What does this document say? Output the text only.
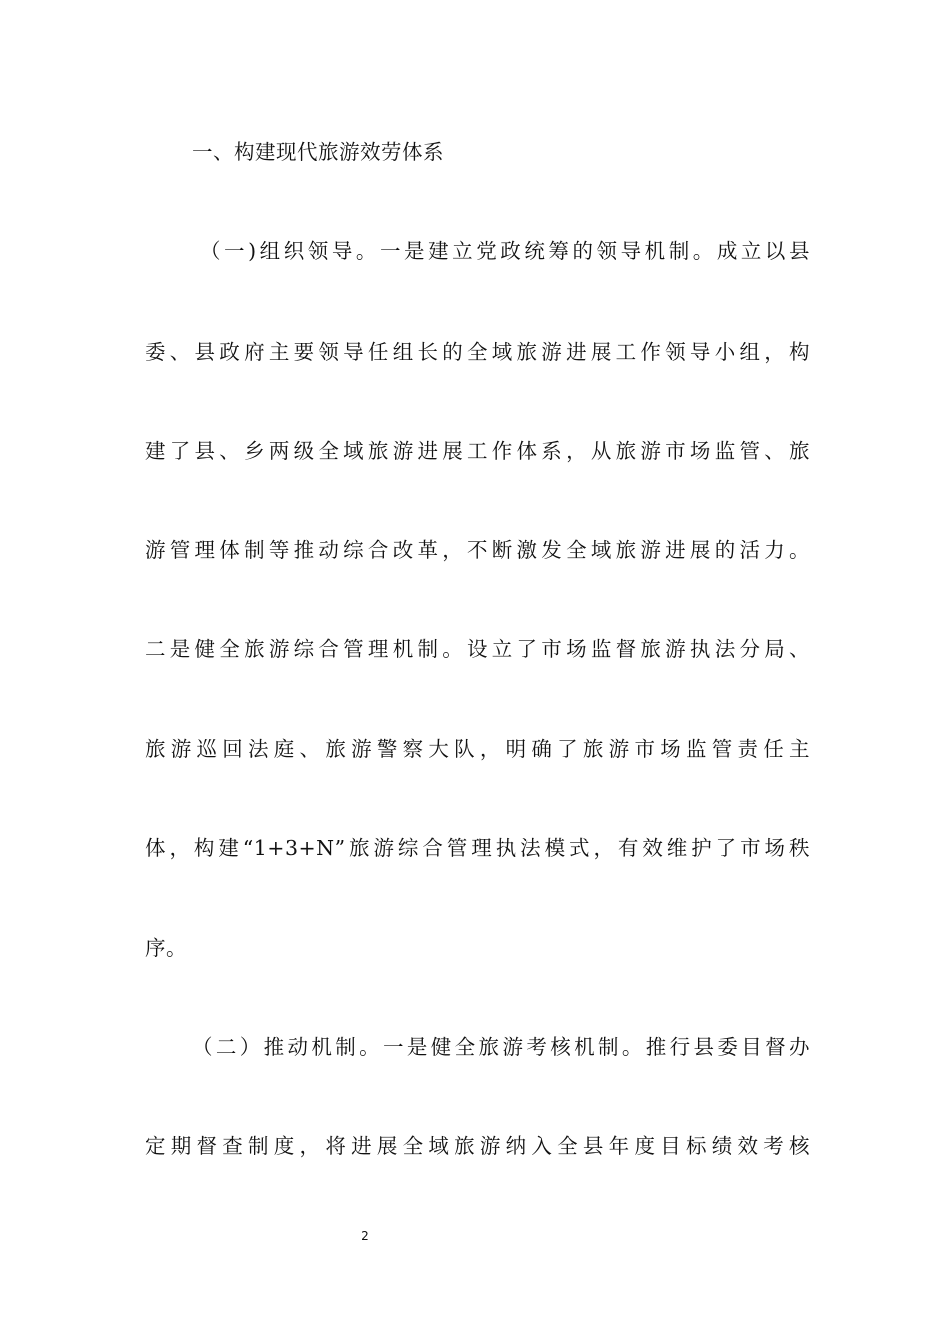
一、构建现代旅游效劳体系
（一)组织领导。一是建立党政统筹的领导机制。成立以县
委、县政府主要领导任组长的全域旅游进展工作领导小组，构
建了县、乡两级全域旅游进展工作体系，从旅游市场监管、旅
游管理体制等推动综合改革，不断激发全域旅游进展的活力。
二是健全旅游综合管理机制。设立了市场监督旅游执法分局、
旅游巡回法庭、旅游警察大队，明确了旅游市场监管责任主
体，构建“1+3+N”旅游综合管理执法模式，有效维护了市场秩
序。
（二）推动机制。一是健全旅游考核机制。推行县委目督办
定期督查制度，将进展全域旅游纳入全县年度目标绩效考核
2
